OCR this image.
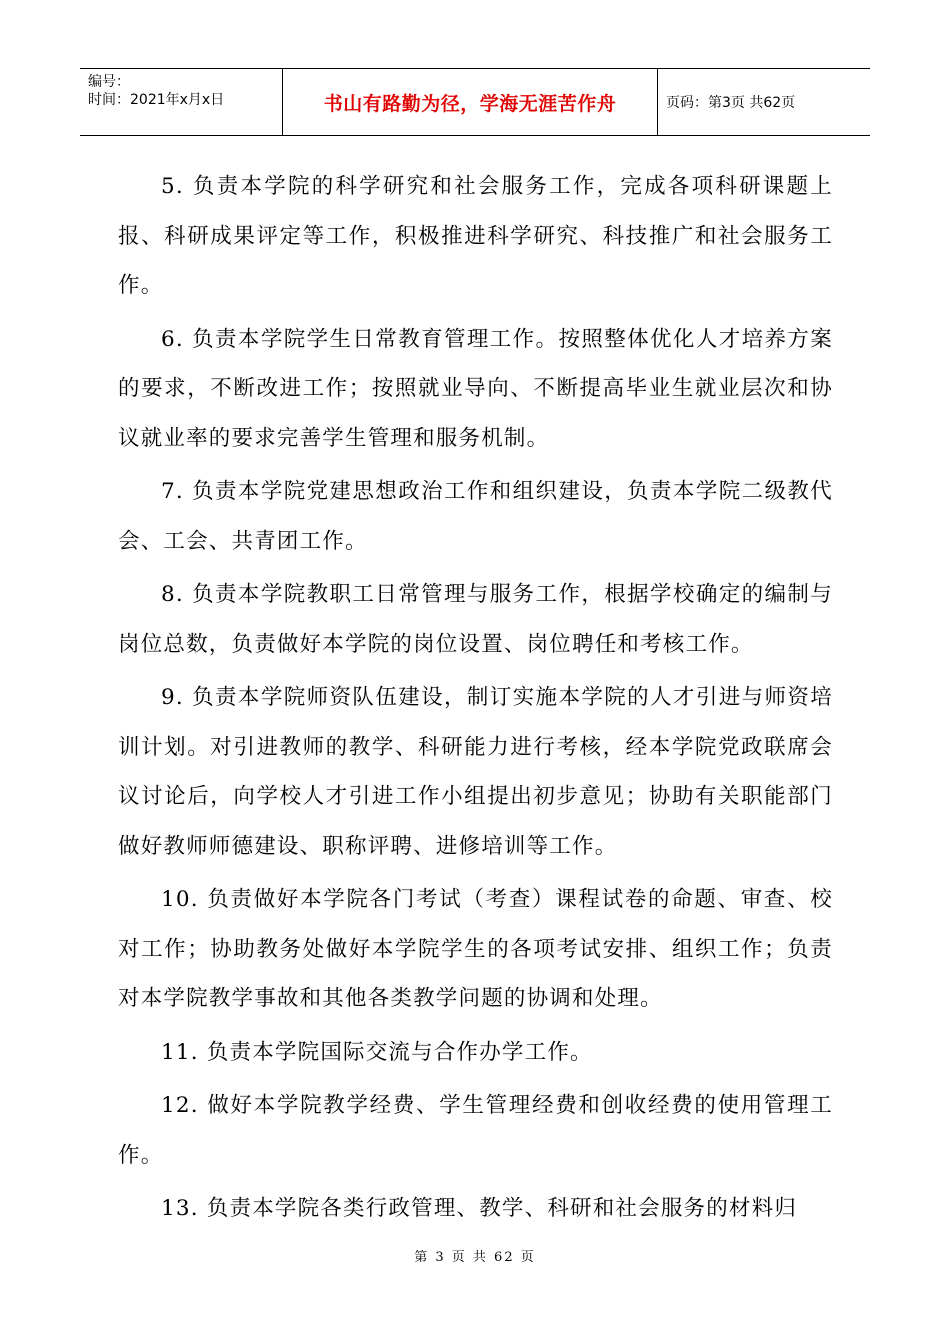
编号：
时间：2021年x月x日	书山有路勤为径，学海无涯苦作舟	页码：第3页 共62页

5. 负责本学院的科学研究和社会服务工作，完成各项科研课题上报、科研成果评定等工作，积极推进科学研究、科技推广和社会服务工作。

6. 负责本学院学生日常教育管理工作。按照整体优化人才培养方案的要求，不断改进工作；按照就业导向、不断提高毕业生就业层次和协议就业率的要求完善学生管理和服务机制。

7. 负责本学院党建思想政治工作和组织建设，负责本学院二级教代会、工会、共青团工作。

8. 负责本学院教职工日常管理与服务工作，根据学校确定的编制与岗位总数，负责做好本学院的岗位设置、岗位聘任和考核工作。

9. 负责本学院师资队伍建设，制订实施本学院的人才引进与师资培训计划。对引进教师的教学、科研能力进行考核，经本学院党政联席会议讨论后，向学校人才引进工作小组提出初步意见；协助有关职能部门做好教师师德建设、职称评聘、进修培训等工作。

10. 负责做好本学院各门考试（考查）课程试卷的命题、审查、校对工作；协助教务处做好本学院学生的各项考试安排、组织工作；负责对本学院教学事故和其他各类教学问题的协调和处理。

11. 负责本学院国际交流与合作办学工作。

12. 做好本学院教学经费、学生管理经费和创收经费的使用管理工作。

13. 负责本学院各类行政管理、教学、科研和社会服务的材料归

第 3 页 共 62 页
